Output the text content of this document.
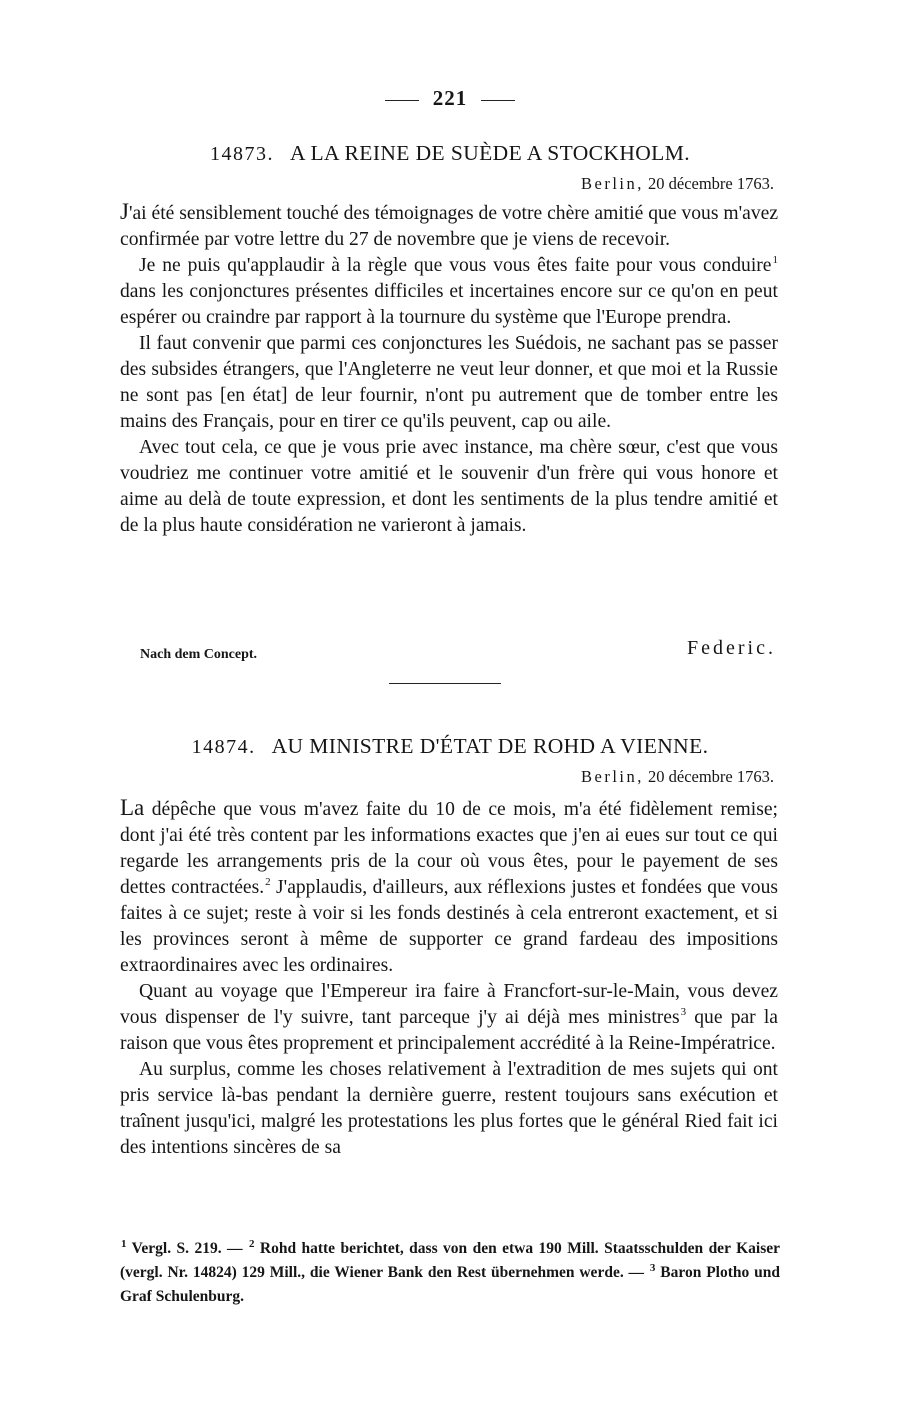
221
14873. A LA REINE DE SUÈDE A STOCKHOLM.
Berlin, 20 décembre 1763.

J'ai été sensiblement touché des témoignages de votre chère amitié que vous m'avez confirmée par votre lettre du 27 de novembre que je viens de recevoir.

Je ne puis qu'applaudir à la règle que vous vous êtes faite pour vous conduire$^1$ dans les conjonctures présentes difficiles et incertaines encore sur ce qu'on en peut espérer ou craindre par rapport à la tournure du système que l'Europe prendra.

Il faut convenir que parmi ces conjonctures les Suédois, ne sachant pas se passer des subsides étrangers, que l'Angleterre ne veut leur donner, et que moi et la Russie ne sont pas [en état] de leur fournir, n'ont pu autrement que de tomber entre les mains des Français, pour en tirer ce qu'ils peuvent, cap ou aile.

Avec tout cela, ce que je vous prie avec instance, ma chère sœur, c'est que vous voudriez me continuer votre amitié et le souvenir d'un frère qui vous honore et aime au delà de toute expression, et dont les sentiments de la plus tendre amitié et de la plus haute considération ne varieront à jamais.

Nach dem Concept.	Federic.
14874. AU MINISTRE D'ÉTAT DE ROHD A VIENNE.
Berlin, 20 décembre 1763.

La dépêche que vous m'avez faite du 10 de ce mois, m'a été fidèlement remise; dont j'ai été très content par les informations exactes que j'en ai eues sur tout ce qui regarde les arrangements pris de la cour où vous êtes, pour le payement de ses dettes contractées.$^2$ J'applaudis, d'ailleurs, aux réflexions justes et fondées que vous faites à ce sujet; reste à voir si les fonds destinés à cela entreront exactement, et si les provinces seront à même de supporter ce grand fardeau des impositions extraordinaires avec les ordinaires.

Quant au voyage que l'Empereur ira faire à Francfort-sur-le-Main, vous devez vous dispenser de l'y suivre, tant parceque j'y ai déjà mes ministres$^3$ que par la raison que vous êtes proprement et principalement accrédité à la Reine-Impératrice.

Au surplus, comme les choses relativement à l'extradition de mes sujets qui ont pris service là-bas pendant la dernière guerre, restent toujours sans exécution et traînent jusqu'ici, malgré les protestations les plus fortes que le général Ried fait ici des intentions sincères de sa

$^1$ Vergl. S. 219. — $^2$ Rohd hatte berichtet, dass von den etwa 190 Mill. Staatsschulden der Kaiser (vergl. Nr. 14824) 129 Mill., die Wiener Bank den Rest übernehmen werde. — $^3$ Baron Plotho und Graf Schulenburg.
